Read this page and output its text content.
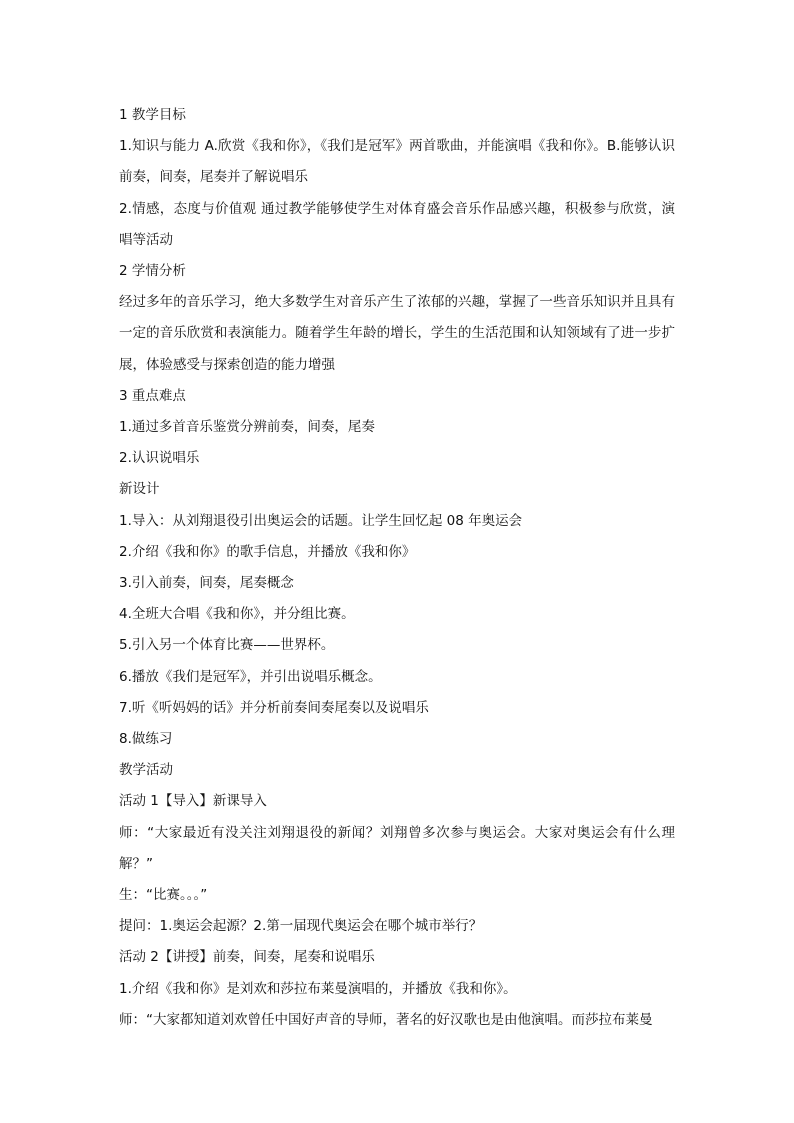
1 教学目标

1.知识与能力 A.欣赏《我和你》，《我们是冠军》两首歌曲，并能演唱《我和你》。B.能够认识前奏，间奏，尾奏并了解说唱乐

2.情感，态度与价值观 通过教学能够使学生对体育盛会音乐作品感兴趣，积极参与欣赏，演唱等活动

2 学情分析

经过多年的音乐学习，绝大多数学生对音乐产生了浓郁的兴趣，掌握了一些音乐知识并且具有一定的音乐欣赏和表演能力。随着学生年龄的增长，学生的生活范围和认知领域有了进一步扩展，体验感受与探索创造的能力增强

3 重点难点

1.通过多首音乐鉴赏分辨前奏，间奏，尾奏

2.认识说唱乐

新设计

1.导入：从刘翔退役引出奥运会的话题。让学生回忆起 08 年奥运会

2.介绍《我和你》的歌手信息，并播放《我和你》

3.引入前奏，间奏，尾奏概念

4.全班大合唱《我和你》，并分组比赛。

5.引入另一个体育比赛——世界杯。

6.播放《我们是冠军》，并引出说唱乐概念。

7.听《听妈妈的话》并分析前奏间奏尾奏以及说唱乐

8.做练习

教学活动

活动 1【导入】新课导入

师：“大家最近有没关注刘翔退役的新闻？刘翔曾多次参与奥运会。大家对奥运会有什么理解？”

生：“比赛。。。”

提问：1.奥运会起源？2.第一届现代奥运会在哪个城市举行？

活动 2【讲授】前奏，间奏，尾奏和说唱乐

1.介绍《我和你》是刘欢和莎拉布莱曼演唱的，并播放《我和你》。

师：“大家都知道刘欢曾任中国好声音的导师，著名的好汉歌也是由他演唱。而莎拉布莱曼
